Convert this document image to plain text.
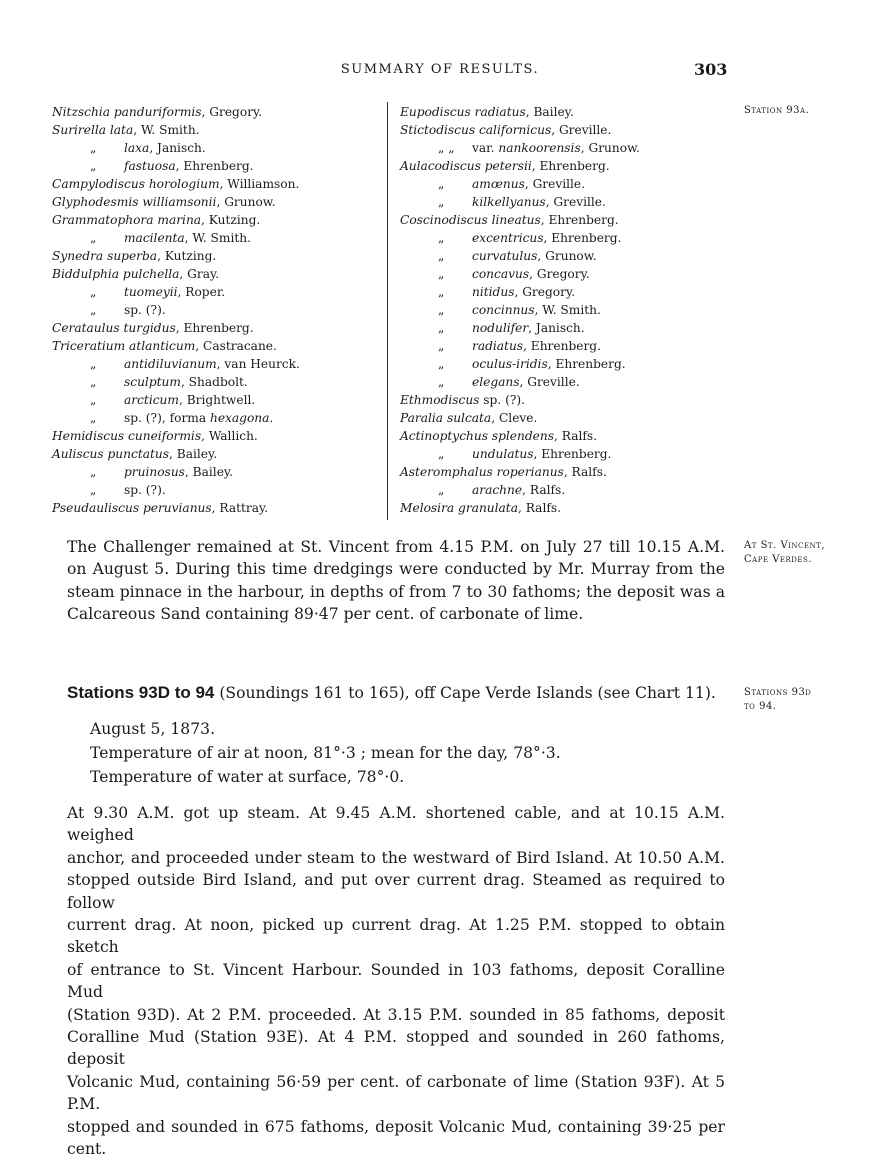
SUMMARY OF RESULTS.	303
Nitzschia panduriformis, Gregory.
Surirella lata, W. Smith.
„ laxa, Janisch.
„ fastuosa, Ehrenberg.
Campylodiscus horologium, Williamson.
Glyphodesmis williamsonii, Grunow.
Grammatophora marina, Kutzing.
„ macilenta, W. Smith.
Synedra superba, Kutzing.
Biddulphia pulchella, Gray.
„ tuomeyii, Roper.
„ sp. (?).
Cerataulus turgidus, Ehrenberg.
Triceratium atlanticum, Castracane.
„ antidiluvianum, van Heurck.
„ sculptum, Shadbolt.
„ arcticum, Brightwell.
„ sp. (?), forma hexagona.
Hemidiscus cuneiformis, Wallich.
Auliscus punctatus, Bailey.
„ pruinosus, Bailey.
„ sp. (?).
Pseudauliscus peruvianus, Rattray.
Eupodiscus radiatus, Bailey.
Stictodiscus californicus, Greville.
„ „ var. nankoorensis, Grunow.
Aulacodiscus petersii, Ehrenberg.
„ amœnus, Greville.
„ kilkellyanus, Greville.
Coscinodiscus lineatus, Ehrenberg.
„ excentricus, Ehrenberg.
„ curvatulus, Grunow.
„ concavus, Gregory.
„ nitidus, Gregory.
„ concinnus, W. Smith.
„ nodulifer, Janisch.
„ radiatus, Ehrenberg.
„ oculus-iridis, Ehrenberg.
„ elegans, Greville.
Ethmodiscus sp. (?).
Paralia sulcata, Cleve.
Actinoptychus splendens, Ralfs.
„ undulatus, Ehrenberg.
Asteromphalus roperianus, Ralfs.
„ arachne, Ralfs.
Melosira granulata, Ralfs.
Station 93a.
The Challenger remained at St. Vincent from 4.15 P.M. on July 27 till 10.15 A.M.
on August 5. During this time dredgings were conducted by Mr. Murray from the
steam pinnace in the harbour, in depths of from 7 to 30 fathoms; the deposit was a
Calcareous Sand containing 89·47 per cent. of carbonate of lime.
At St. Vincent,
Cape Verdes.
Stations 93D to 94 (Soundings 161 to 165), off Cape Verde Islands (see Chart 11).	Stations 93d
to 94.
August 5, 1873.
Temperature of air at noon, 81°·3 ; mean for the day, 78°·3.
Temperature of water at surface, 78°·0.
At 9.30 A.M. got up steam. At 9.45 A.M. shortened cable, and at 10.15 A.M. weighed
anchor, and proceeded under steam to the westward of Bird Island. At 10.50 A.M.
stopped outside Bird Island, and put over current drag. Steamed as required to follow
current drag. At noon, picked up current drag. At 1.25 P.M. stopped to obtain sketch
of entrance to St. Vincent Harbour. Sounded in 103 fathoms, deposit Coralline Mud
(Station 93D). At 2 P.M. proceeded. At 3.15 P.M. sounded in 85 fathoms, deposit
Coralline Mud (Station 93E). At 4 P.M. stopped and sounded in 260 fathoms, deposit
Volcanic Mud, containing 56·59 per cent. of carbonate of lime (Station 93F). At 5 P.M.
stopped and sounded in 675 fathoms, deposit Volcanic Mud, containing 39·25 per cent.
